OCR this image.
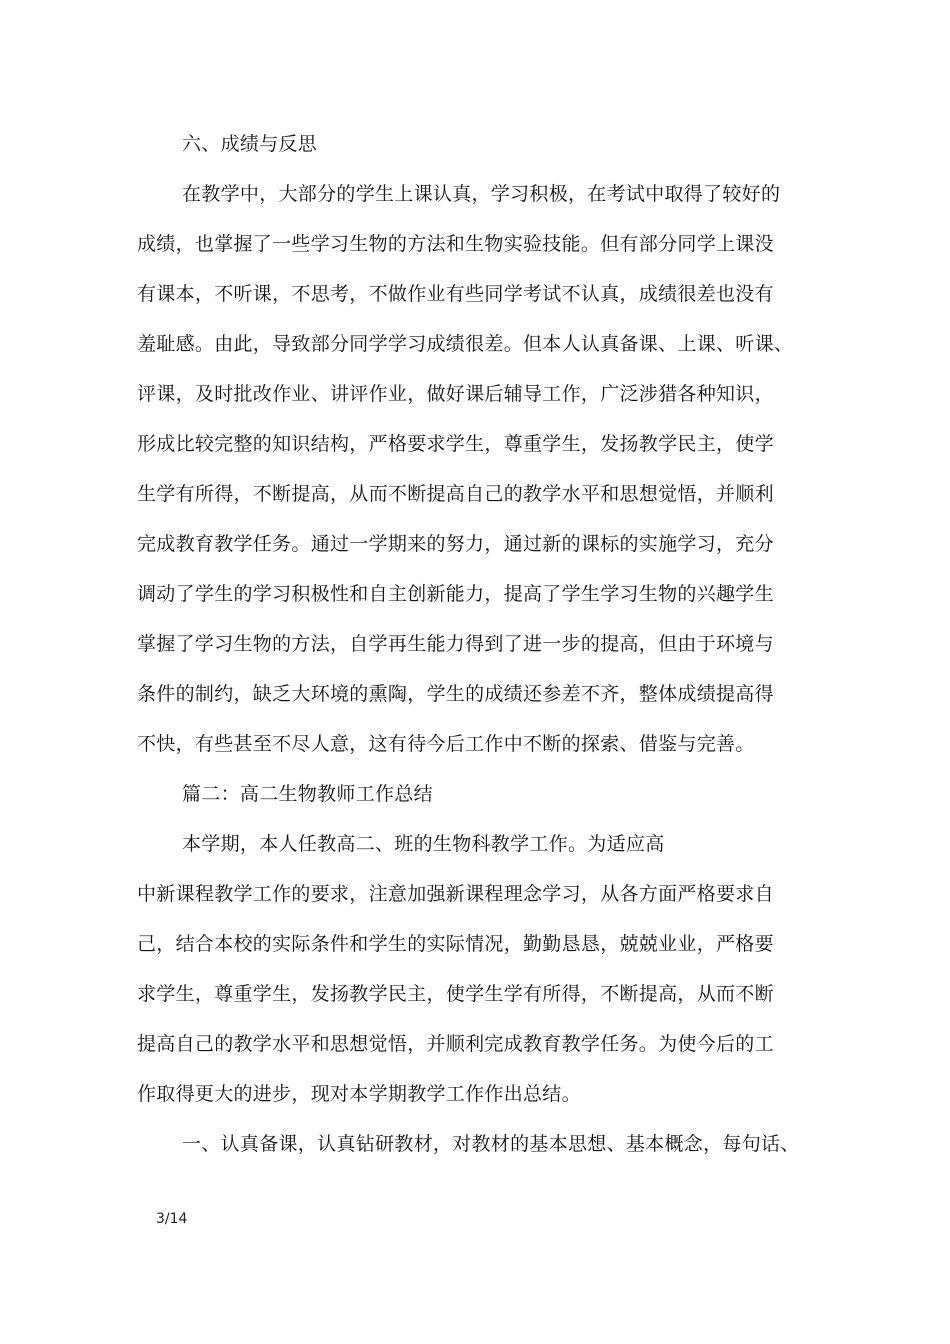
六、成绩与反思
在教学中，大部分的学生上课认真，学习积极，在考试中取得了较好的
成绩，也掌握了一些学习生物的方法和生物实验技能。但有部分同学上课没
有课本，不听课，不思考，不做作业有些同学考试不认真，成绩很差也没有
羞耻感。由此，导致部分同学学习成绩很差。但本人认真备课、上课、听课、
评课，及时批改作业、讲评作业，做好课后辅导工作，广泛涉猎各种知识，
形成比较完整的知识结构，严格要求学生，尊重学生，发扬教学民主，使学
生学有所得，不断提高，从而不断提高自己的教学水平和思想觉悟，并顺利
完成教育教学任务。通过一学期来的努力，通过新的课标的实施学习，充分
调动了学生的学习积极性和自主创新能力，提高了学生学习生物的兴趣学生
掌握了学习生物的方法，自学再生能力得到了进一步的提高，但由于环境与
条件的制约，缺乏大环境的熏陶，学生的成绩还参差不齐，整体成绩提高得
不快，有些甚至不尽人意，这有待今后工作中不断的探索、借鉴与完善。
篇二：高二生物教师工作总结
本学期，本人任教高二、班的生物科教学工作。为适应高
中新课程教学工作的要求，注意加强新课程理念学习，从各方面严格要求自
己，结合本校的实际条件和学生的实际情况，勤勤恳恳，兢兢业业，严格要
求学生，尊重学生，发扬教学民主，使学生学有所得，不断提高，从而不断
提高自己的教学水平和思想觉悟，并顺利完成教育教学任务。为使今后的工
作取得更大的进步，现对本学期教学工作作出总结。
一、认真备课，认真钻研教材，对教材的基本思想、基本概念，每句话、
3/14
